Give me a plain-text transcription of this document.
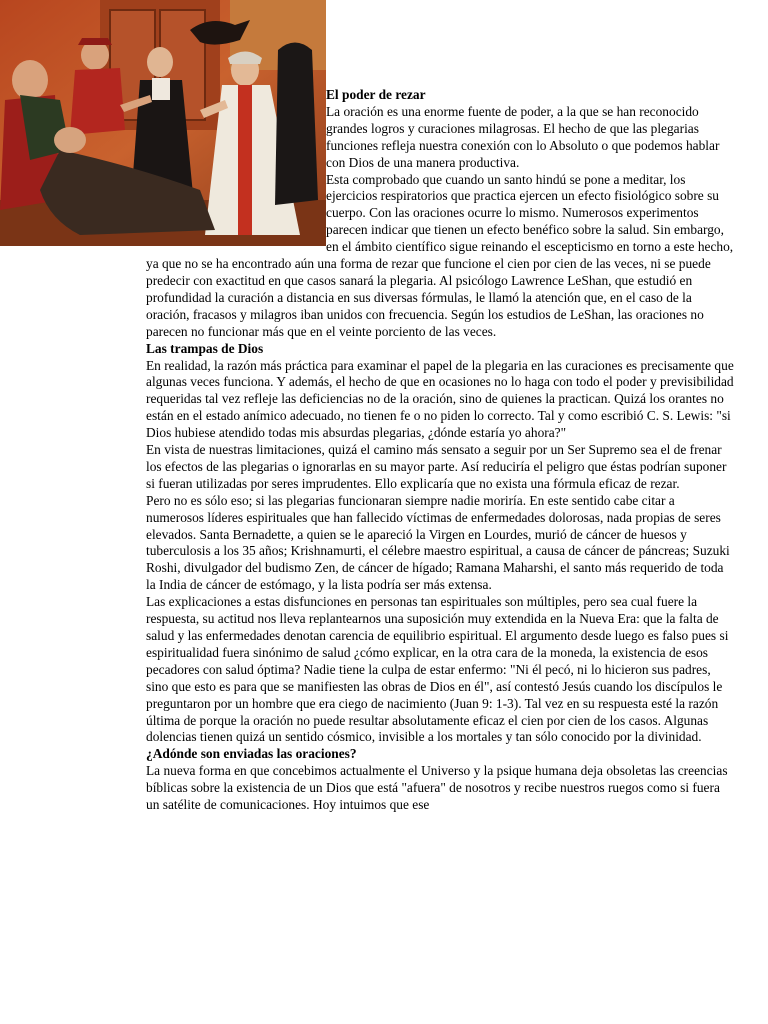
El poder de rezar

La oración es una enorme fuente de poder, a la que se han reconocido grandes logros y curaciones milagrosas. El hecho de que las plegarias funciones refleja nuestra conexión con lo Absoluto o que podemos hablar con Dios de una manera productiva.

Esta comprobado que cuando un santo hindú se pone a meditar, los ejercicios respiratorios que practica ejercen un efecto fisiológico sobre su cuerpo. Con las oraciones ocurre lo mismo. Numerosos experimentos parecen indicar que tienen un efecto benéfico sobre la salud. Sin embargo, en el ámbito científico sigue reinando el escepticismo en torno a este hecho, ya que no se ha encontrado aún una forma de rezar que funcione el cien por cien de las veces, ni se puede predecir con exactitud en que casos sanará la plegaria. Al psicólogo Lawrence LeShan, que estudió en profundidad la curación a distancia en sus diversas fórmulas, le llamó la atención que, en el caso de la oración, fracasos y milagros iban unidos con frecuencia. Según los estudios de LeShan, las oraciones no parecen no funcionar más que en el veinte porciento de las veces.

Las trampas de Dios

En realidad, la razón más práctica para examinar el papel de la plegaria en las curaciones es precisamente que algunas veces funciona. Y además, el hecho de que en ocasiones no lo haga con todo el poder y previsibilidad requeridas tal vez refleje las deficiencias no de la oración, sino de quienes la practican. Quizá los orantes no están en el estado anímico adecuado, no tienen fe o no piden lo correcto. Tal y como escribió C. S. Lewis: "si Dios hubiese atendido todas mis absurdas plegarias, ¿dónde estaría yo ahora?"

En vista de nuestras limitaciones, quizá el camino más sensato a seguir por un Ser Supremo sea el de frenar los efectos de las plegarias o ignorarlas en su mayor parte. Así reduciría el peligro que éstas podrían suponer si fueran utilizadas por seres imprudentes. Ello explicaría que no exista una fórmula eficaz de rezar.

Pero no es sólo eso; si las plegarias funcionaran siempre nadie moriría. En este sentido cabe citar a numerosos líderes espirituales que han fallecido víctimas de enfermedades dolorosas, nada propias de seres elevados. Santa Bernadette, a quien se le apareció la Virgen en Lourdes, murió de cáncer de huesos y tuberculosis a los 35 años; Krishnamurti, el célebre maestro espiritual, a causa de cáncer de páncreas; Suzuki Roshi, divulgador del budismo Zen, de cáncer de hígado; Ramana Maharshi, el santo más requerido de toda la India de cáncer de estómago, y la lista podría ser más extensa.

Las explicaciones a estas disfunciones en personas tan espirituales son múltiples, pero sea cual fuere la respuesta, su actitud nos lleva replantearnos una suposición muy extendida en la Nueva Era: que la falta de salud y las enfermedades denotan carencia de equilibrio espiritual. El argumento desde luego es falso pues si espiritualidad fuera sinónimo de salud ¿cómo explicar, en la otra cara de la moneda, la existencia de esos pecadores con salud óptima? Nadie tiene la culpa de estar enfermo: "Ni él pecó, ni lo hicieron sus padres, sino que esto es para que se manifiesten las obras de Dios en él", así contestó Jesús cuando los discípulos le preguntaron por un hombre que era ciego de nacimiento (Juan 9: 1-3). Tal vez en su respuesta esté la razón última de porque la oración no puede resultar absolutamente eficaz el cien por cien de los casos. Algunas dolencias tienen quizá un sentido cósmico, invisible a los mortales y tan sólo conocido por la divinidad.

¿Adónde son enviadas las oraciones?

La nueva forma en que concebimos actualmente el Universo y la psique humana deja obsoletas las creencias bíblicas sobre la existencia de un Dios que está "afuera" de nosotros y recibe nuestros ruegos como si fuera un satélite de comunicaciones. Hoy intuimos que ese
